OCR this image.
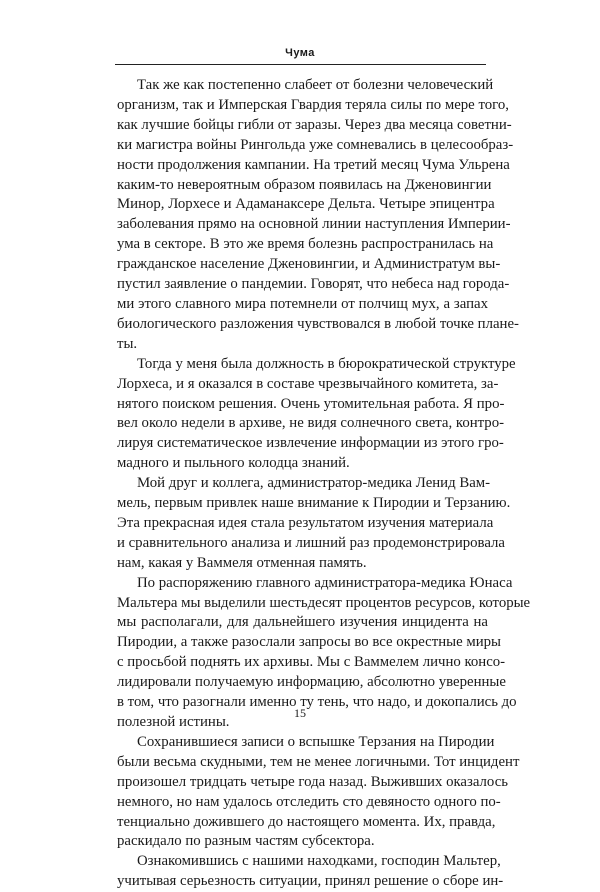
Чума
Так же как постепенно слабеет от болезни человеческий
организм, так и Имперская Гвардия теряла силы по мере того,
как лучшие бойцы гибли от заразы. Через два месяца советни-
ки магистра войны Рингольда уже сомневались в целесообраз-
ности продолжения кампании. На третий месяц Чума Ульрена
каким-то невероятным образом появилась на Дженовингии
Минор, Лорхесе и Адаманаксере Дельта. Четыре эпицентра
заболевания прямо на основной линии наступления Империи-
ума в секторе. В это же время болезнь распространилась на
гражданское население Дженовингии, и Администратум вы-
пустил заявление о пандемии. Говорят, что небеса над городa-
ми этого славного мира потемнели от полчищ мух, а запах
биологического разложения чувствовался в любой точке плане-
ты.
Тогда у меня была должность в бюрократической структуре
Лорхеса, и я оказался в составе чрезвычайного комитета, за-
нятого поиском решения. Очень утомительная работа. Я про-
вел около недели в архиве, не видя солнечного света, контро-
лируя систематическое извлечение информации из этого гро-
мадного и пыльного колодца знаний.
Мой друг и коллега, администратор-медика Ленид Вам-
мель, первым привлек наше внимание к Пиродии и Терзанию.
Эта прекрасная идея стала результатом изучения материала
и сравнительного анализа и лишний раз продемонстрировала
нам, какая у Ваммеля отменная память.
По распоряжению главного администратора-медика Юнаса
Мальтера мы выделили шестьдесят процентов ресурсов, которые
мы располагали, для дальнейшего изучения инцидента на
Пиродии, а также разослали запросы во все окрестные миры
с просьбой поднять их архивы. Мы с Ваммелем лично консо-
лидировали получаемую информацию, абсолютно уверенные
в том, что разогнали именно ту тень, что надо, и докопались до
полезной истины.
Сохранившиеся записи о вспышке Терзания на Пиродии
были весьма скудными, тем не менее логичными. Тот инцидент
произошел тридцать четыре года назад. Выживших оказалось
немного, но нам удалось отследить сто девяносто одного по-
тенциально дожившего до настоящего момента. Их, правда,
раскидало по разным частям субсектора.
Ознакомившись с нашими находками, господин Мальтер,
учитывая серьезность ситуации, принял решение о сборе ин-
15
